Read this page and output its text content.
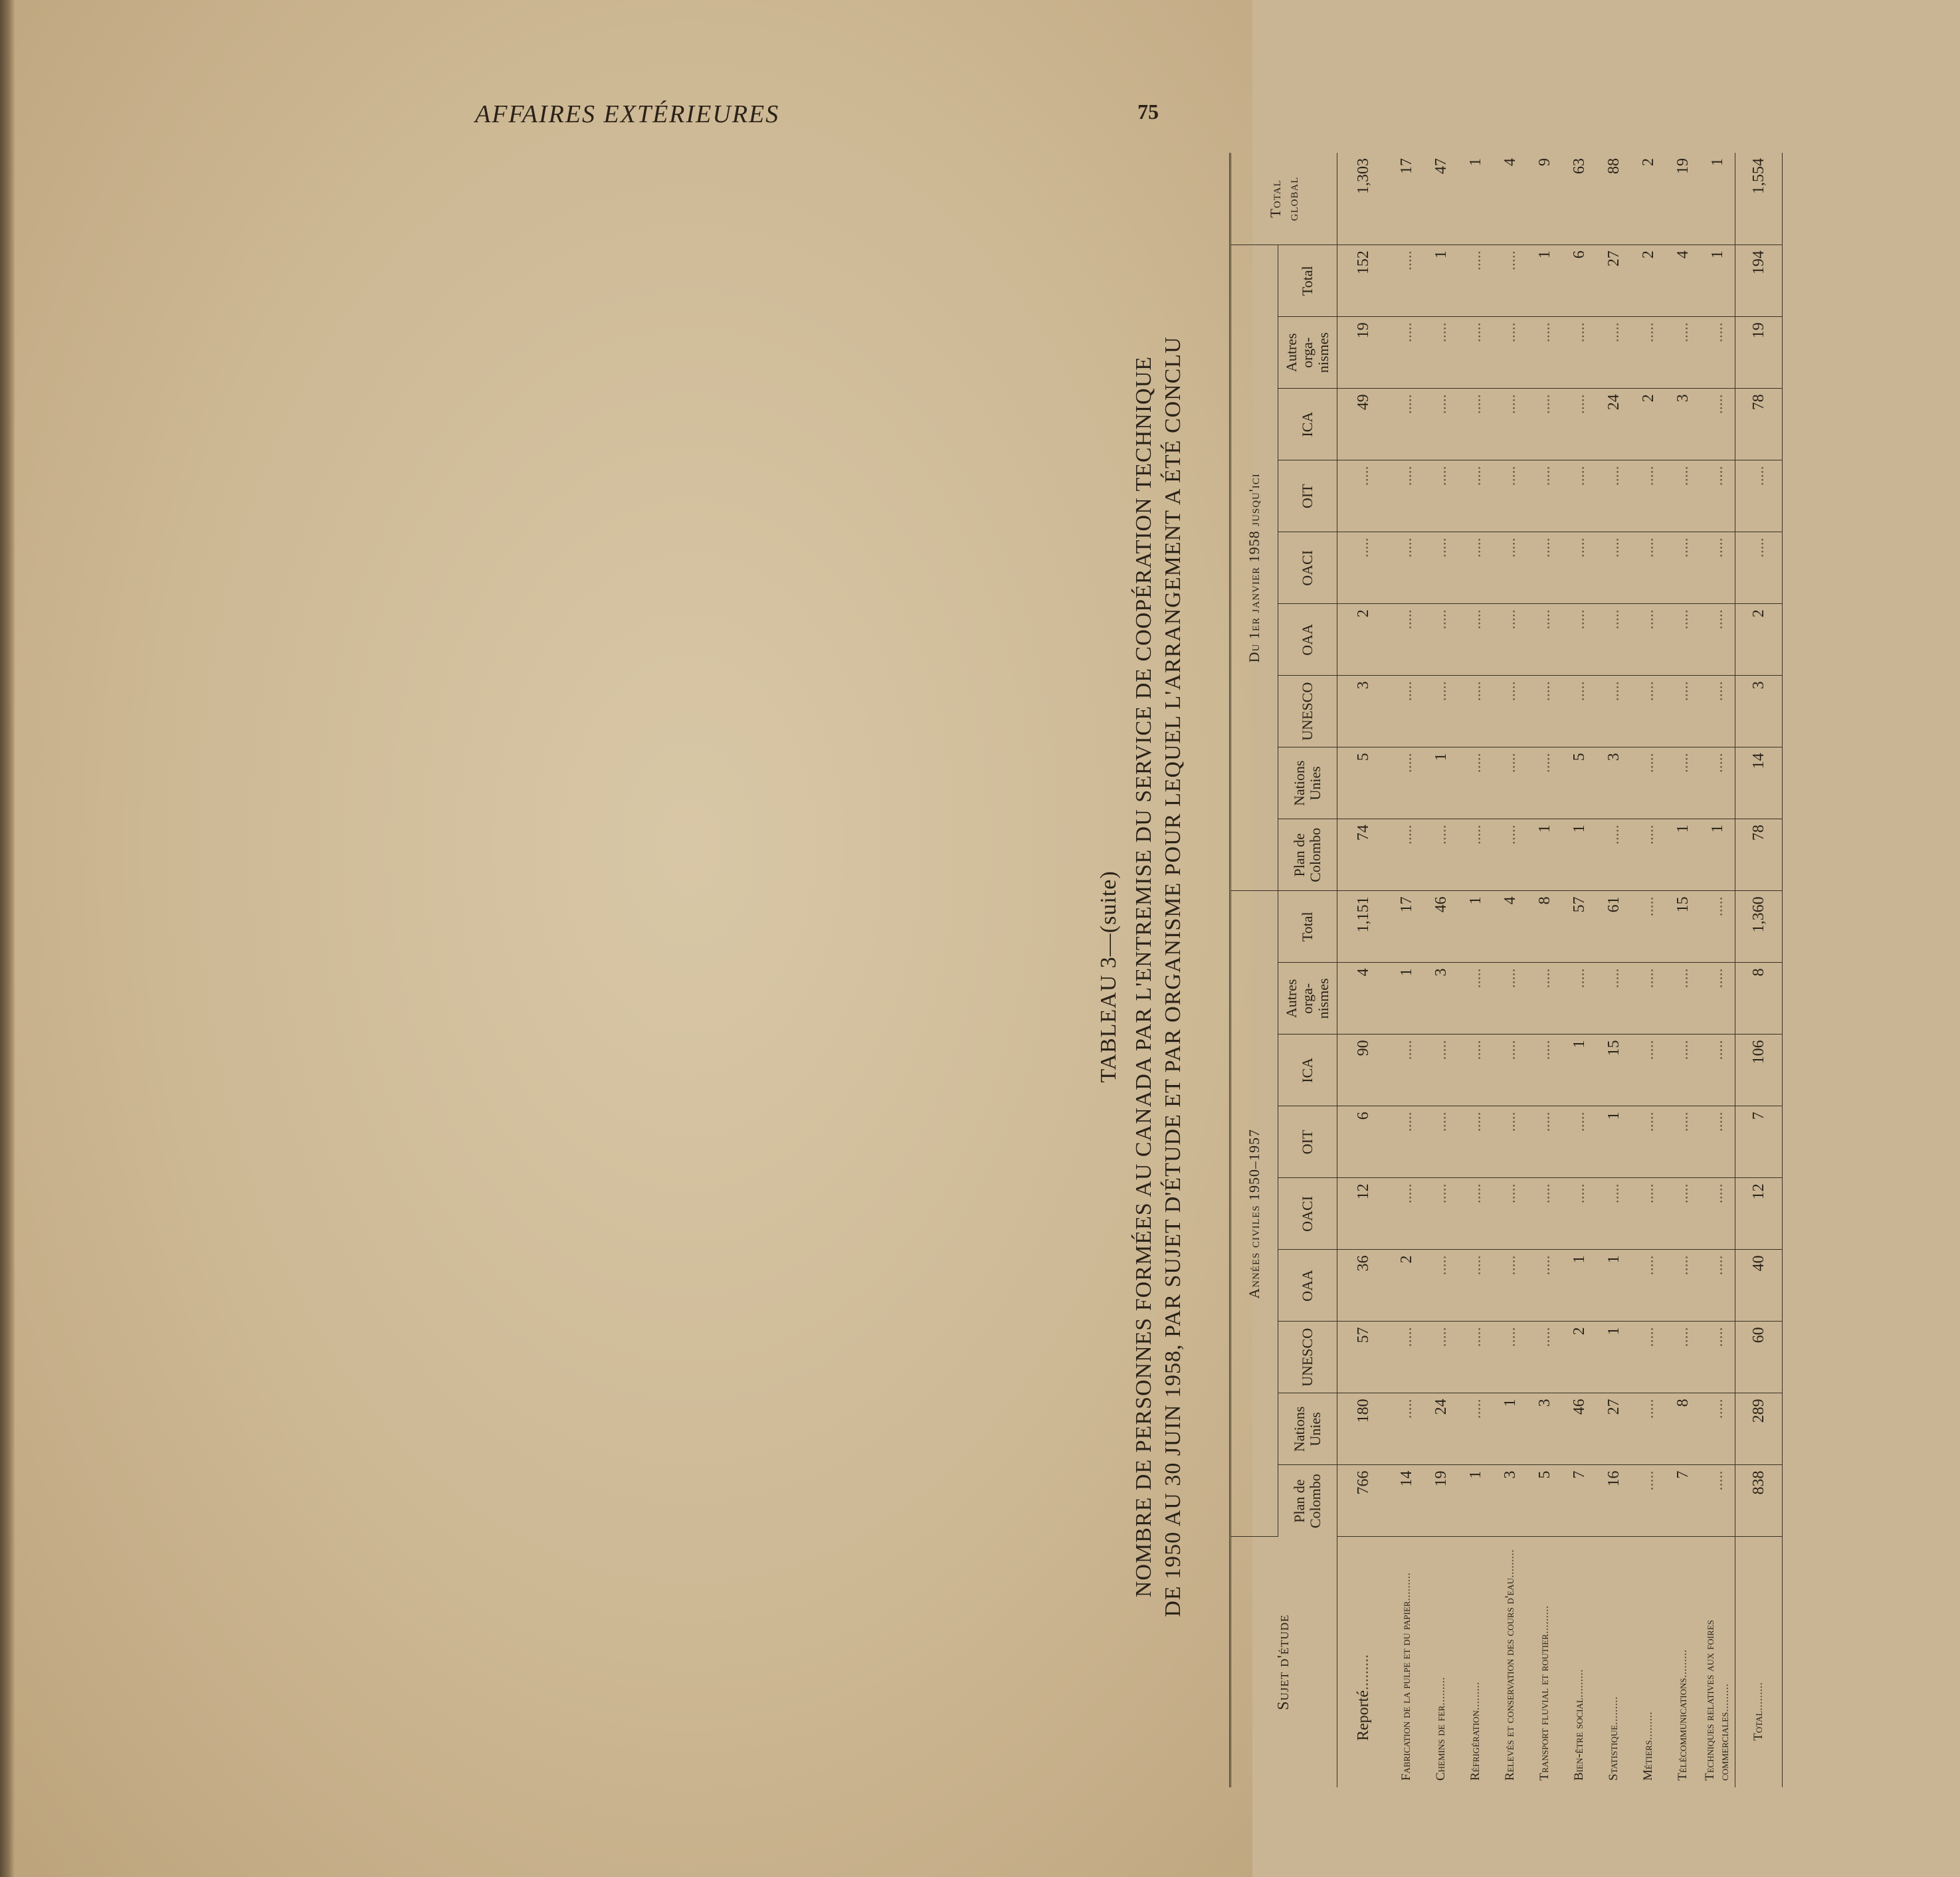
AFFAIRES EXTÉRIEURES	75
TABLEAU 3—(suite) NOMBRE DE PERSONNES FORMÉES AU CANADA PAR L'ENTREMISE DU SERVICE DE COOPÉRATION TECHNIQUE DE 1950 AU 30 JUIN 1958, PAR SUJET D'ÉTUDE ET PAR ORGANISME POUR LEQUEL L'ARRANGEMENT A ÉTÉ CONCLU
Sujet d'étude	Années civiles 1950–1957									Du 1er janvier 1958 jusqu'ici									Total global
	Plan de Colombo	Nations Unies	UNESCO	OAA	OACI	OIT	ICA	Autres orga-nismes	Total	Plan de Colombo	Nations Unies	UNESCO	OAA	OACI	OIT	ICA	Autres orga-nismes	Total	
Reporté.........	766	180	57	36	12	6	90	4	1,151	74	5	3	2	.....	.....	49	19	152	1,303
Fabrication de la pulpe et du papier.........	14	.....	.....	2	.....	.....	.....	1	17	.....	.....	.....	.....	.....	.....	.....	.....	.....	17
Chemins de fer.........	19	24	.....	.....	.....	.....	.....	3	46	.....	1	.....	.....	.....	.....	.....	.....	1	47
Réfrigération.........	1	.....	.....	.....	.....	.....	.....	.....	1	.....	.....	.....	.....	.....	.....	.....	.....	.....	1
Relevés et conservation des cours d'eau.........	3	1	.....	.....	.....	.....	.....	.....	4	.....	.....	.....	.....	.....	.....	.....	.....	.....	4
Transport fluvial et routier.........	5	3	.....	.....	.....	.....	.....	.....	8	1	.....	.....	.....	.....	.....	.....	.....	1	9
Bien-être social.........	7	46	2	1	.....	.....	1	.....	57	1	5	.....	.....	.....	.....	.....	.....	6	63
Statistique.........	16	27	1	1	.....	1	15	.....	61	.....	3	.....	.....	.....	.....	24	.....	27	88
Métiers.........	.....	.....	.....	.....	.....	.....	.....	.....	.....	.....	.....	.....	.....	.....	.....	2	.....	2	2
Télécommunications.........	7	8	.....	.....	.....	.....	.....	.....	15	1	.....	.....	.....	.....	.....	3	.....	4	19
Techniques relatives aux foires commerciales.........	.....	.....	.....	.....	.....	.....	.....	.....	.....	1	.....	.....	.....	.....	.....	.....	.....	1	1
Total.........	838	289	60	40	12	7	106	8	1,360	78	14	3	2	.....	.....	78	19	194	1,554
